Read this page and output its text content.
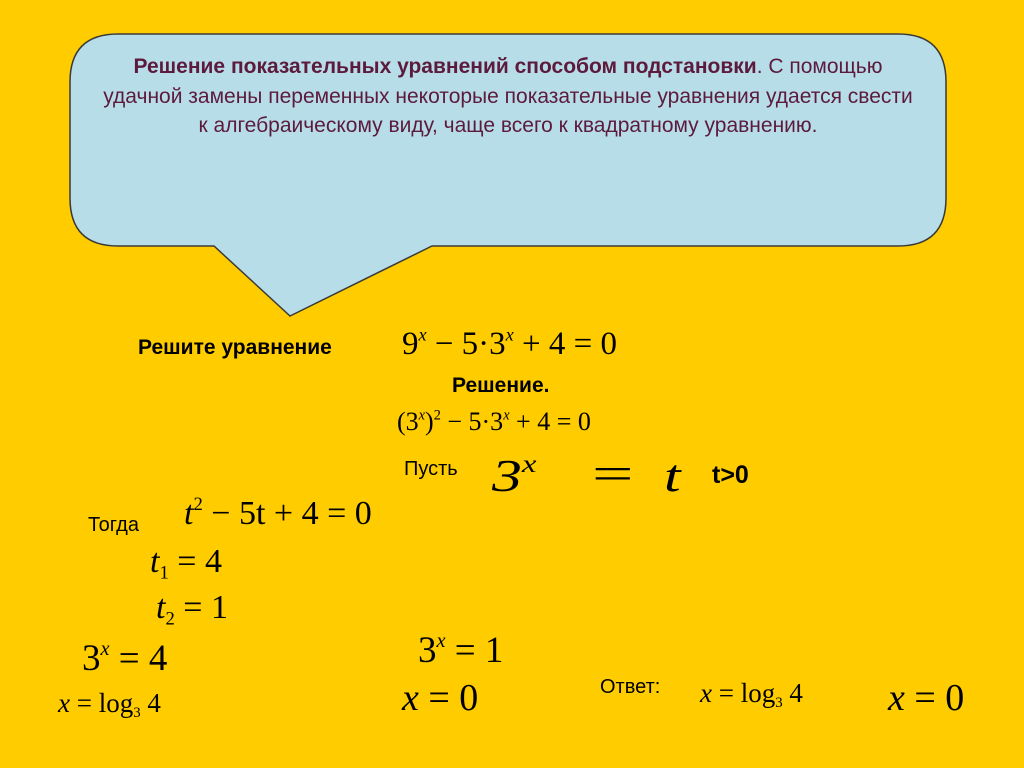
Решение показательных уравнений способом подстановки. С помощью удачной замены переменных некоторые показательные уравнения удается свести к алгебраическому виду, чаще всего к квадратному уравнению.
Решите уравнение $9^x - 5\cdot 3^x + 4 = 0$
Решение.
$(3^x)^2 - 5\cdot 3^x + 4 = 0$
Пусть $3^x = t$ t>0
Тогда $t^2 - 5t + 4 = 0$
$t_1 = 4$
$t_2 = 1$
$3^x = 4$
$x = \log_3 4$
$3^x = 1$
x = 0	Ответ: $x = \log_3 4$ x = 0
